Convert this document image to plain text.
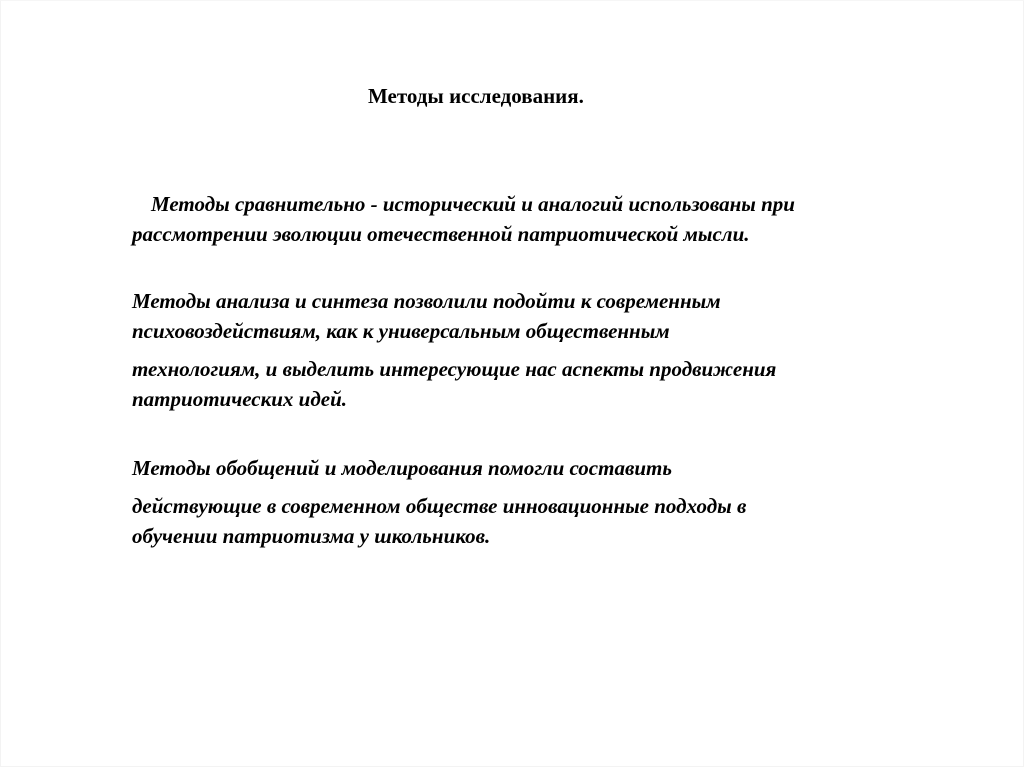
Методы исследования.
Методы сравнительно - исторический и аналогий использованы при
рассмотрении эволюции отечественной патриотической мысли.
Методы анализа и синтеза позволили подойти к современным
психовоздействиям, как к универсальным общественным
технологиям, и выделить интересующие нас аспекты продвижения
патриотических идей.
Методы обобщений и моделирования помогли составить
действующие в современном обществе инновационные подходы в
обучении патриотизма у школьников.
